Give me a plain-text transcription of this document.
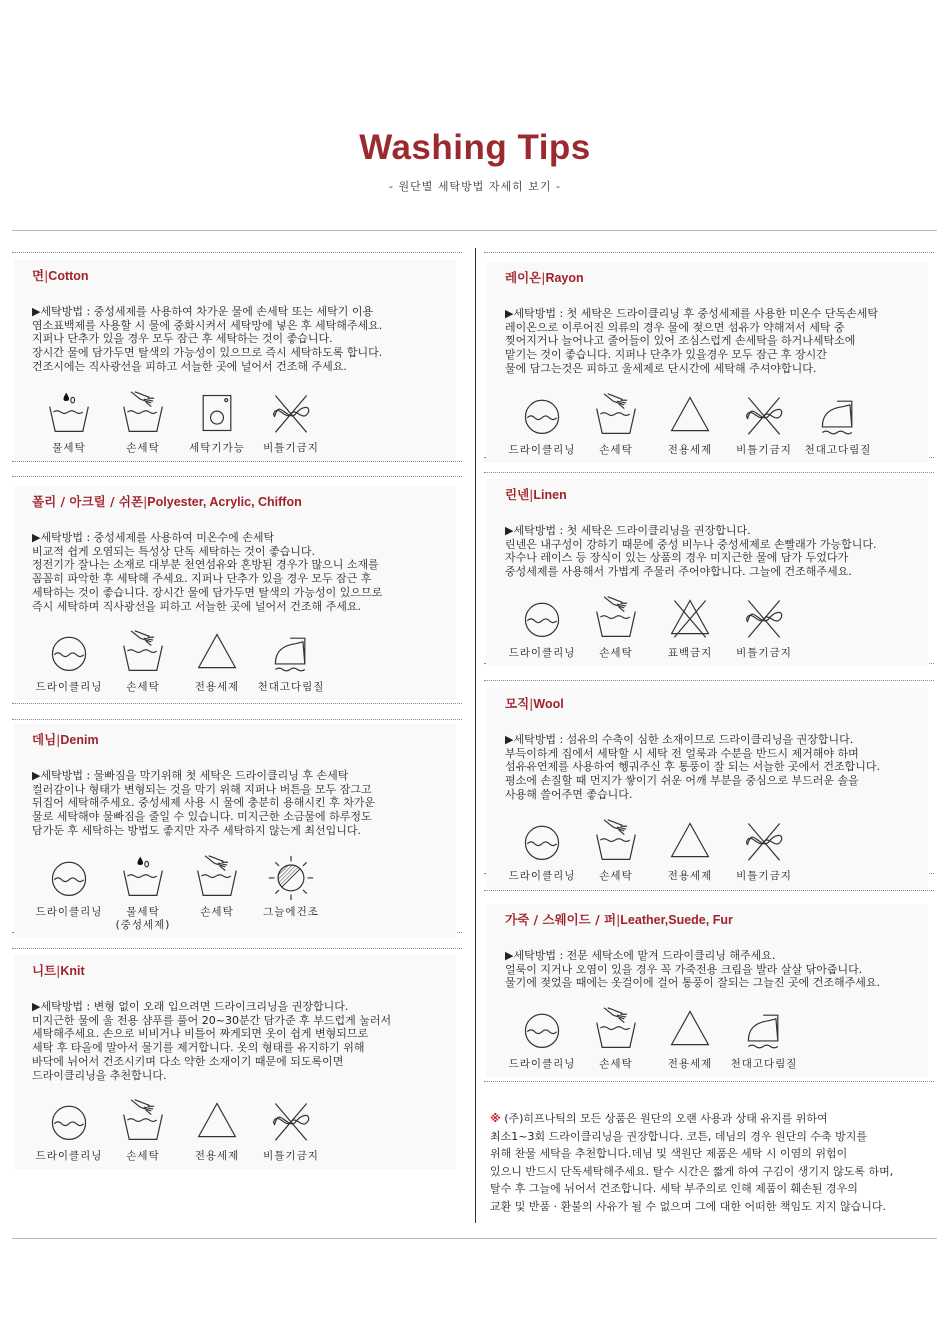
Washing Tips
- 원단별 세탁방법 자세히 보기 -
면|Cotton
▶세탁방법 : 중성세제를 사용하여 차가운 물에 손세탁 또는 세탁기 이용
염소표백제를 사용할 시 물에 중화시켜서 세탁망에 넣은 후 세탁해주세요.
지퍼나 단추가 있을 경우 모두 잠근 후 세탁하는 것이 좋습니다.
장시간 물에 담가두면 탈색의 가능성이 있으므로 즉시 세탁하도록 합니다.
건조시에는 직사광선을 피하고 서늘한 곳에 널어서 건조해 주세요.
물세탁	손세탁	세탁기가능	비틀기금지
폴리 / 아크릴 / 쉬폰|Polyester, Acrylic, Chiffon
▶세탁방법 : 중성세제를 사용하여 미온수에 손세탁
비교적 쉽게 오염되는 특성상 단독 세탁하는 것이 좋습니다.
정전기가 잘나는 소재로 대부분 천연섬유와 혼방된 경우가 많으니 소재를
꼼꼼히 파악한 후 세탁해 주세요. 지퍼나 단추가 있을 경우 모두 잠근 후
세탁하는 것이 좋습니다. 장시간 물에 담가두면 탈색의 가능성이 있으므로
즉시 세탁하며 직사광선을 피하고 서늘한 곳에 널어서 건조해 주세요.
드라이클리닝	손세탁	전용세제	천대고다림질
데님|Denim
▶세탁방법 : 물빠짐을 막기위해 첫 세탁은 드라이클리닝 후 손세탁
컬러감이나 형태가 변형되는 것을 막기 위해 지퍼나 버튼을 모두 잠그고
뒤집어 세탁해주세요. 중성세제 사용 시 물에 충분히 용해시킨 후 차가운
물로 세탁해야 물빠짐을 줄일 수 있습니다. 미지근한 소금물에 하루정도
담가둔 후 세탁하는 방법도 좋지만 자주 세탁하지 않는게 최선입니다.
드라이클리닝	물세탁
(중성세제)
손세탁	그늘에건조
니트|Knit
▶세탁방법 : 변형 없이 오래 입으려면 드라이크리닝을 권장합니다.
미지근한 물에 울 전용 샴푸를 풀어 20~30분간 담가준 후 부드럽게 눌러서
세탁해주세요. 손으로 비비거나 비틀어 짜게되면 옷이 쉽게 변형되므로
세탁 후 타올에 말아서 물기를 제거합니다. 옷의 형태를 유지하기 위해
바닥에 뉘어서 건조시키며 다소 약한 소재이기 때문에 되도록이면
드라이클리닝을 추천합니다.
드라이클리닝	손세탁	전용세제	비틀기금지
레이온|Rayon
▶세탁방법 : 첫 세탁은 드라이클리닝 후 중성세제를 사용한 미온수 단독손세탁
레이온으로 이루어진 의류의 경우 물에 젖으면 섬유가 약해져서 세탁 중
찢어지거나 늘어나고 줄어들이 있어 조심스럽게 손세탁을 하거나세탁소에
맡기는 것이 좋습니다. 지퍼나 단추가 있을경우 모두 잠근 후 장시간
물에 담그는것은 피하고 울세제로 단시간에 세탁해 주셔야합니다.
드라이클리닝	손세탁	전용세제	비틀기금지	천대고다림질
린넨|Linen
▶세탁방법 : 첫 세탁은 드라이클리닝을 권장합니다.
린넨은 내구성이 강하기 때문에 중성 비누나 중성세제로 손빨래가 가능합니다.
자수나 레이스 등 장식이 있는 상품의 경우 미지근한 물에 담가 두었다가
중성세제를 사용해서 가볍게 주물러 주어야합니다. 그늘에 건조해주세요.
드라이클리닝	손세탁	표백금지	비틀기금지
모직|Wool
▶세탁방법 : 섬유의 수축이 심한 소재이므로 드라이클리닝을 권장합니다.
부득이하게 집에서 세탁할 시 세탁 전 얼룩과 수분을 반드시 제거해야 하며
섬유유연제를 사용하여 헹궈주신 후 통풍이 잘 되는 서늘한 곳에서 건조합니다.
평소에 손질할 때 먼지가 쌓이기 쉬운 어깨 부분을 중심으로 부드러운 솔을
사용해 쓸어주면 좋습니다.
드라이클리닝	손세탁	전용세제	비틀기금지
가죽 / 스웨이드 / 퍼|Leather,Suede, Fur
▶세탁방법 : 전문 세탁소에 맡겨 드라이클리닝 해주세요.
얼룩이 지거나 오염이 있을 경우 꼭 가죽전용 크림을 발라 살살 닦아줍니다.
물기에 젖었을 때에는 옷걸이에 걸어 통풍이 잘되는 그늘진 곳에 건조해주세요.
드라이클리닝	손세탁	전용세제	천대고다림질
※ (주)히프나틱의 모든 상품은 원단의 오랜 사용과 상태 유지를 위하여
최소1~3회 드라이클리닝을 권장합니다. 코튼, 데님의 경우 원단의 수축 방지를
위해 찬물 세탁을 추천합니다.데님 및 색원단 제품은 세탁 시 이염의 위험이
있으니 반드시 단독세탁해주세요. 탈수 시간은 짧게 하여 구김이 생기지 않도록 하며,
탈수 후 그늘에 뉘어서 건조합니다. 세탁 부주의로 인해 제품이 훼손된 경우의
교환 및 반품 · 환불의 사유가 될 수 없으며 그에 대한 어떠한 책임도 지지 않습니다.
